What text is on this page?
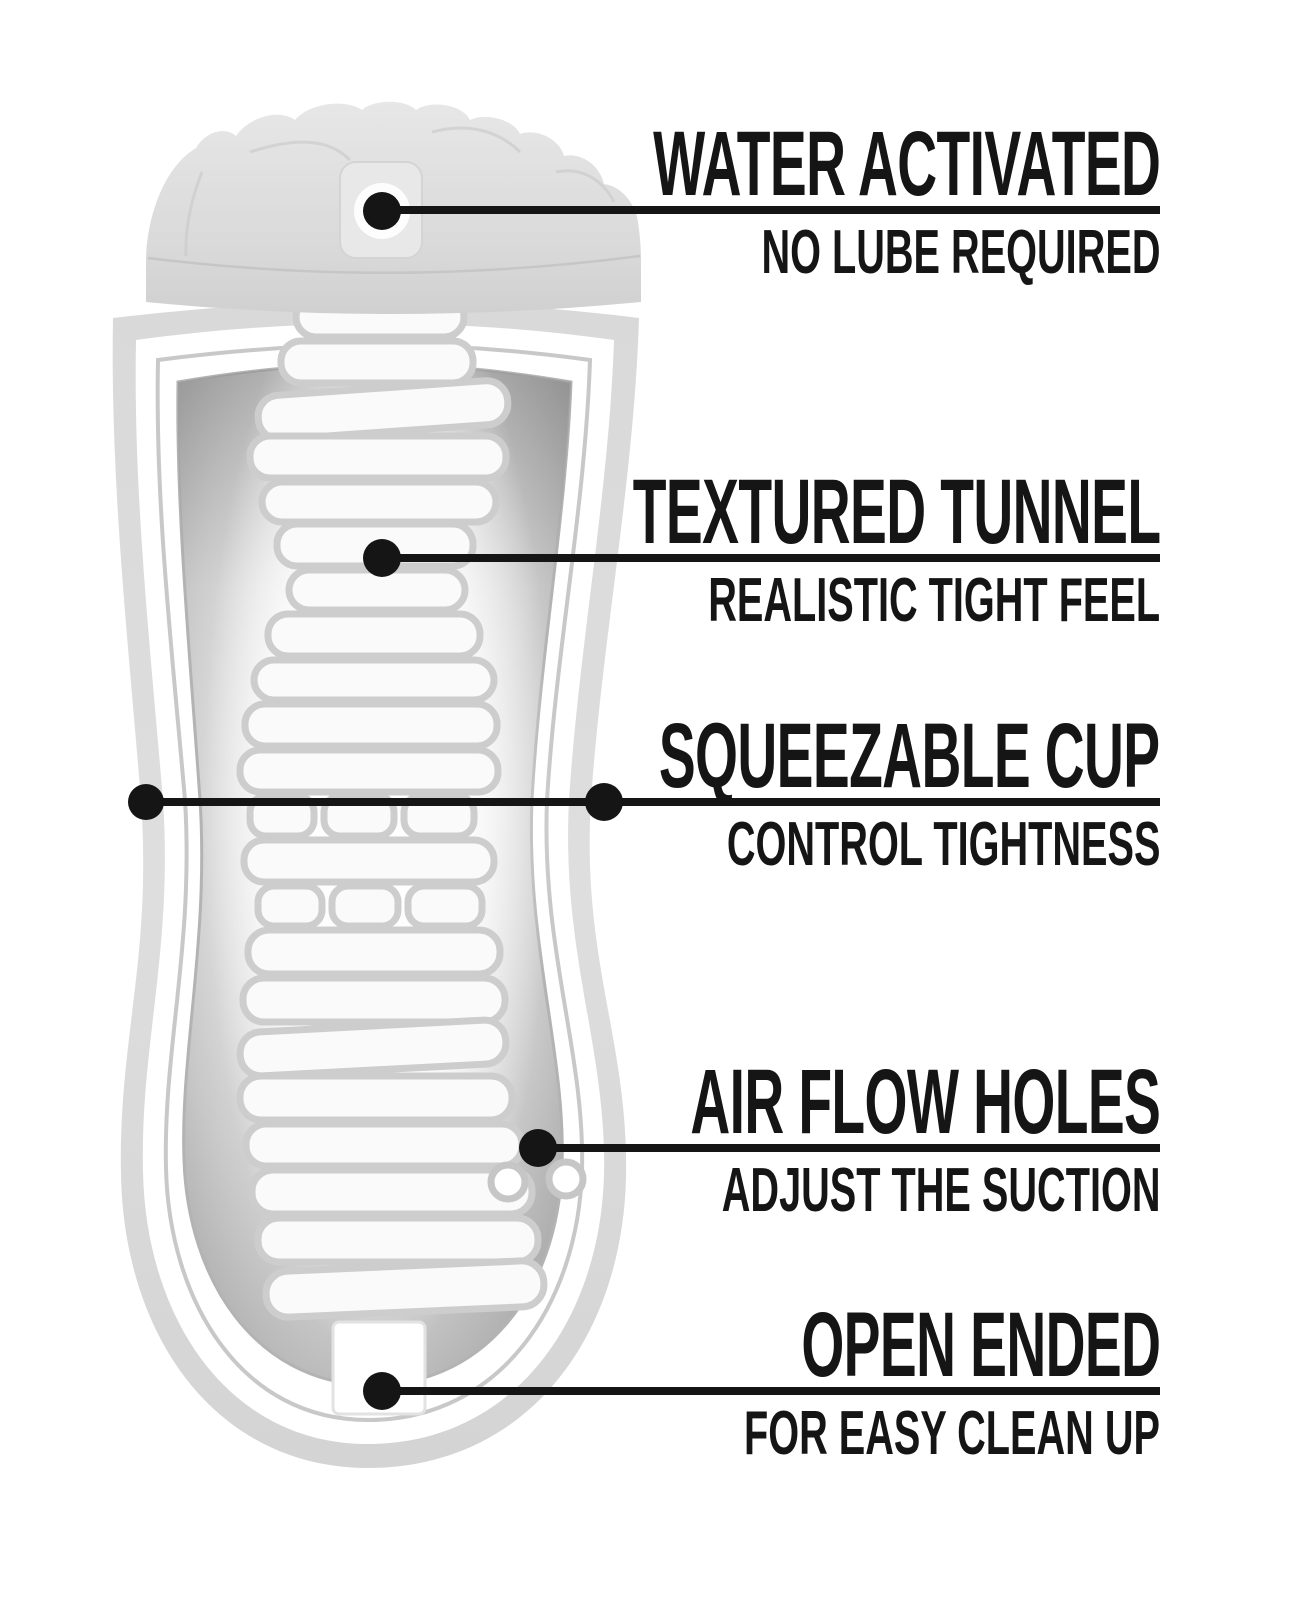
WATER ACTIVATED
NO LUBE REQUIRED
TEXTURED TUNNEL
REALISTIC TIGHT FEEL
SQUEEZABLE CUP
CONTROL TIGHTNESS
AIR FLOW HOLES
ADJUST THE SUCTION
OPEN ENDED
FOR EASY CLEAN UP
